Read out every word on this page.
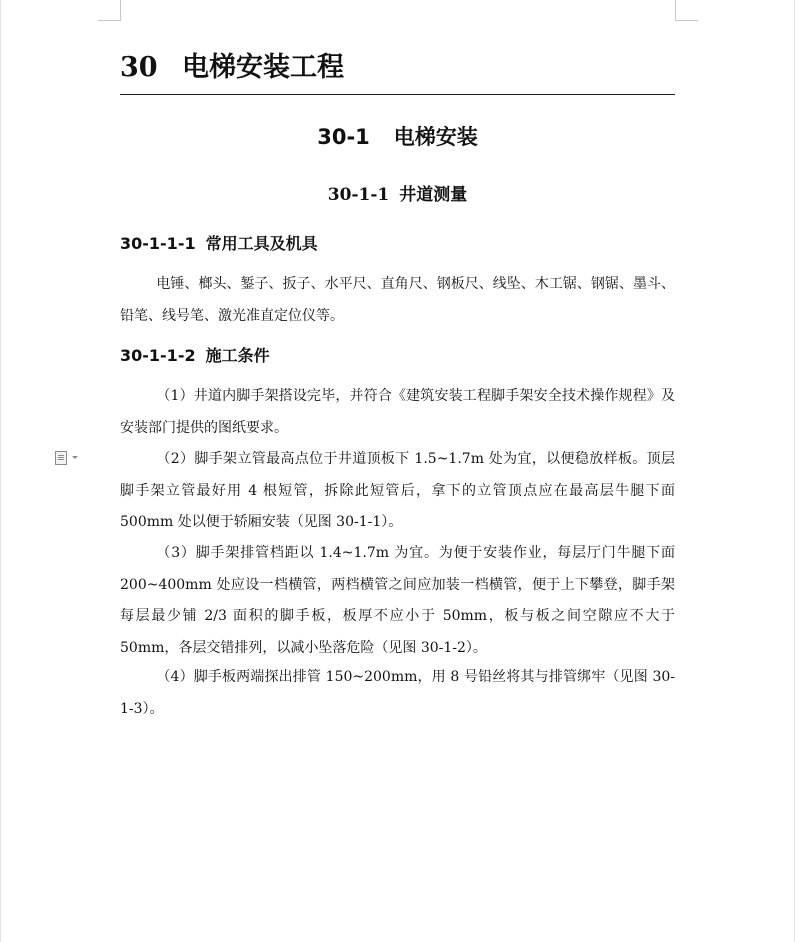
30 电梯安装工程
30-1 电梯安装
30-1-1 井道测量
30-1-1-1 常用工具及机具

电锤、榔头、錾子、扳子、水平尺、直角尺、钢板尺、线坠、木工锯、钢锯、墨斗、铅笔、线号笔、激光准直定位仪等。

30-1-1-2 施工条件

（1）井道内脚手架搭设完毕，并符合《建筑安装工程脚手架安全技术操作规程》及安装部门提供的图纸要求。

（2）脚手架立管最高点位于井道顶板下 1.5~1.7m 处为宜，以便稳放样板。顶层脚手架立管最好用 4 根短管，拆除此短管后，拿下的立管顶点应在最高层牛腿下面 500mm 处以便于轿厢安装（见图 30-1-1）。

（3）脚手架排管档距以 1.4~1.7m 为宜。为便于安装作业，每层厅门牛腿下面 200~400mm 处应设一档横管，两档横管之间应加装一档横管，便于上下攀登，脚手架每层最少铺 2/3 面积的脚手板，板厚不应小于 50mm，板与板之间空隙应不大于 50mm，各层交错排列，以减小坠落危险（见图 30-1-2）。

（4）脚手板两端探出排管 150~200mm，用 8 号铅丝将其与排管绑牢（见图 30-1-3）。
